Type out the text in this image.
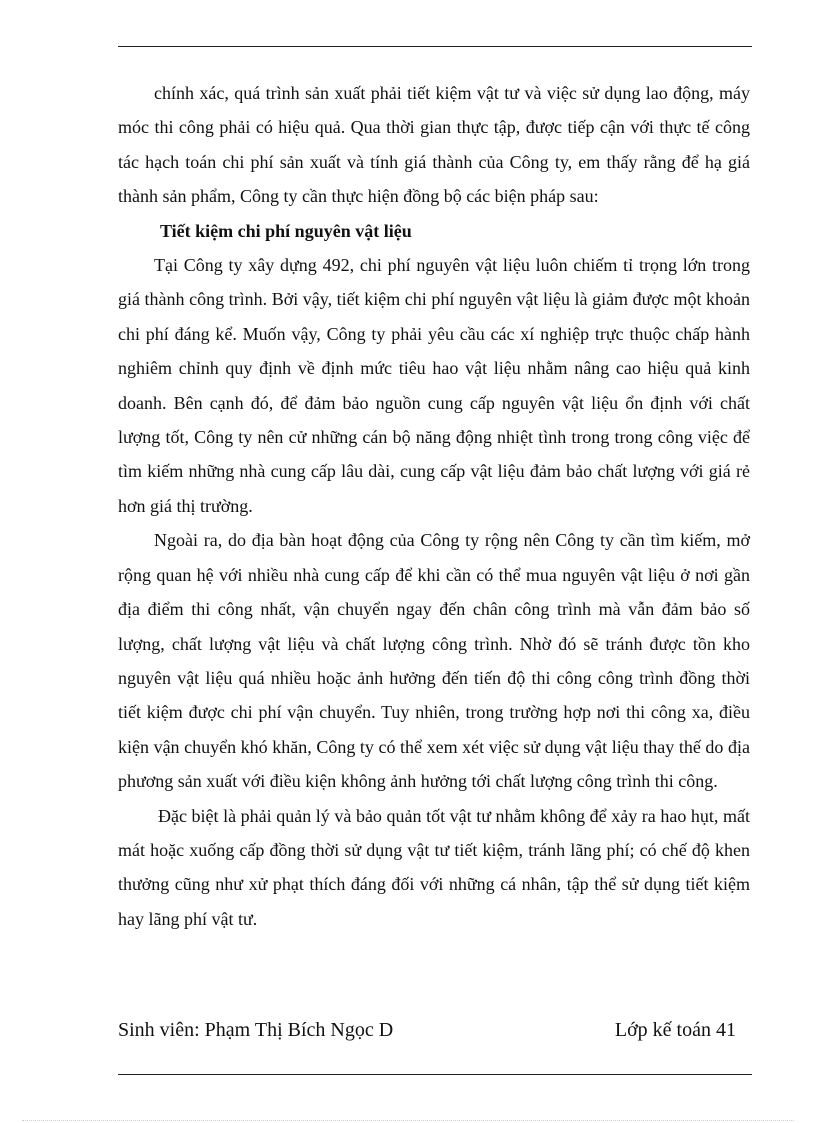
chính xác, quá trình sản xuất phải tiết kiệm vật tư và việc sử dụng lao động, máy móc thi công phải có hiệu quả. Qua thời gian thực tập, được tiếp cận với thực tế công tác hạch toán chi phí sản xuất và tính giá thành của Công ty, em thấy rằng để hạ giá thành sản phẩm, Công ty cần thực hiện đồng bộ các biện pháp sau:

Tiết kiệm chi phí nguyên vật liệu

Tại Công ty xây dựng 492, chi phí nguyên vật liệu luôn chiếm tỉ trọng lớn trong giá thành công trình. Bởi vậy, tiết kiệm chi phí nguyên vật liệu là giảm được một khoản chi phí đáng kể. Muốn vậy, Công ty phải yêu cầu các xí nghiệp trực thuộc chấp hành nghiêm chỉnh quy định về định mức tiêu hao vật liệu nhằm nâng cao hiệu quả kinh doanh. Bên cạnh đó, để đảm bảo nguồn cung cấp nguyên vật liệu ổn định với chất lượng tốt, Công ty nên cử những cán bộ năng động nhiệt tình trong trong công việc để tìm kiếm những nhà cung cấp lâu dài, cung cấp vật liệu đảm bảo chất lượng với giá rẻ hơn giá thị trường.

Ngoài ra, do địa bàn hoạt động của Công ty rộng nên Công ty cần tìm kiếm, mở rộng quan hệ với nhiều nhà cung cấp để khi cần có thể mua nguyên vật liệu ở nơi gần địa điểm thi công nhất, vận chuyển ngay đến chân công trình mà vẫn đảm bảo số lượng, chất lượng vật liệu và chất lượng công trình. Nhờ đó sẽ tránh được tồn kho nguyên vật liệu quá nhiều hoặc ảnh hưởng đến tiến độ thi công công trình đồng thời tiết kiệm được chi phí vận chuyển. Tuy nhiên, trong trường hợp nơi thi công xa, điều kiện vận chuyển khó khăn, Công ty có thể xem xét việc sử dụng vật liệu thay thế do địa phương sản xuất với điều kiện không ảnh hưởng tới chất lượng công trình thi công.

Đặc biệt là phải quản lý và bảo quản tốt vật tư nhằm không để xảy ra hao hụt, mất mát hoặc xuống cấp đồng thời sử dụng vật tư tiết kiệm, tránh lãng phí; có chế độ khen thưởng cũng như xử phạt thích đáng đối với những cá nhân, tập thể sử dụng tiết kiệm hay lãng phí vật tư.

Sinh viên: Phạm Thị Bích Ngọc D	Lớp kế toán 41
